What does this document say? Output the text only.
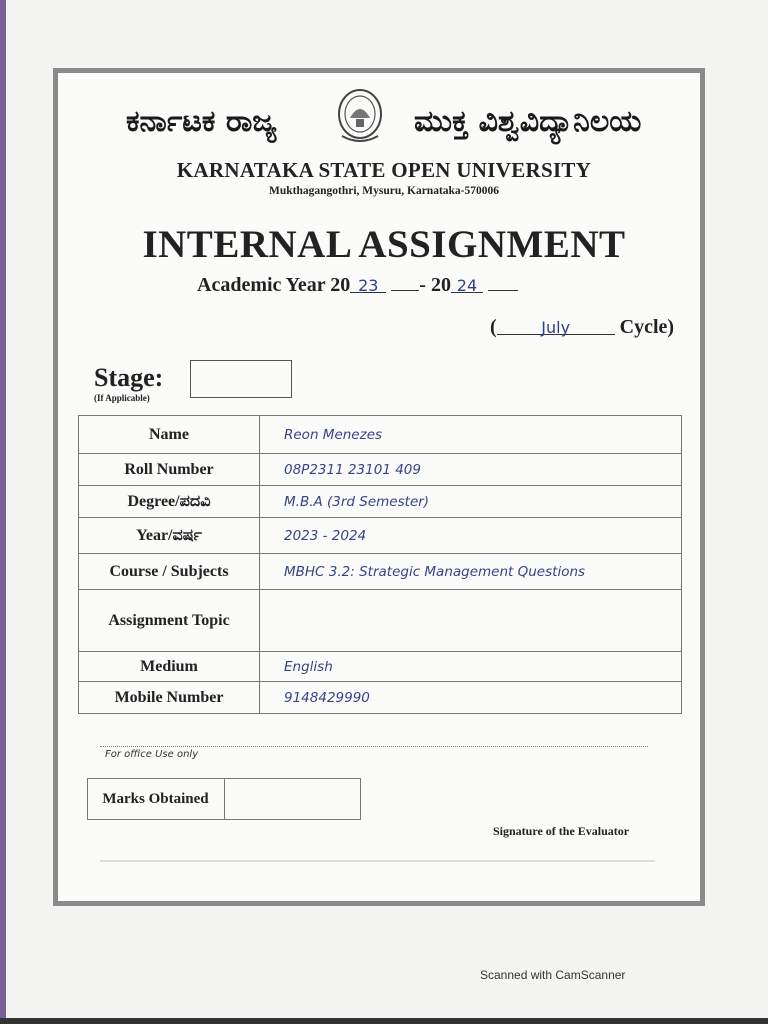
ಕರ್ನಾಟಕ ರಾಜ್ಯ	ಮುಕ್ತ ವಿಶ್ವವಿದ್ಯಾನಿಲಯ
KARNATAKA STATE OPEN UNIVERSITY
Mukthagangothri, Mysuru, Karnataka-570006
INTERNAL ASSIGNMENT
Academic Year 20 23 - 20 24
(	July Cycle)
Stage:
(If Applicable)
Name	Reon Menezes
Roll Number	08P2311 23101 409
Degree/ಪದವಿ	M.B.A (3rd Semester)
Year/ವರ್ಷ	2023 - 2024
Course / Subjects	MBHC 3.2: Strategic Management Questions
Assignment Topic	
Medium	English
Mobile Number	9148429990
For office Use only
Marks Obtained
Signature of the Evaluator
Scanned with CamScanner
